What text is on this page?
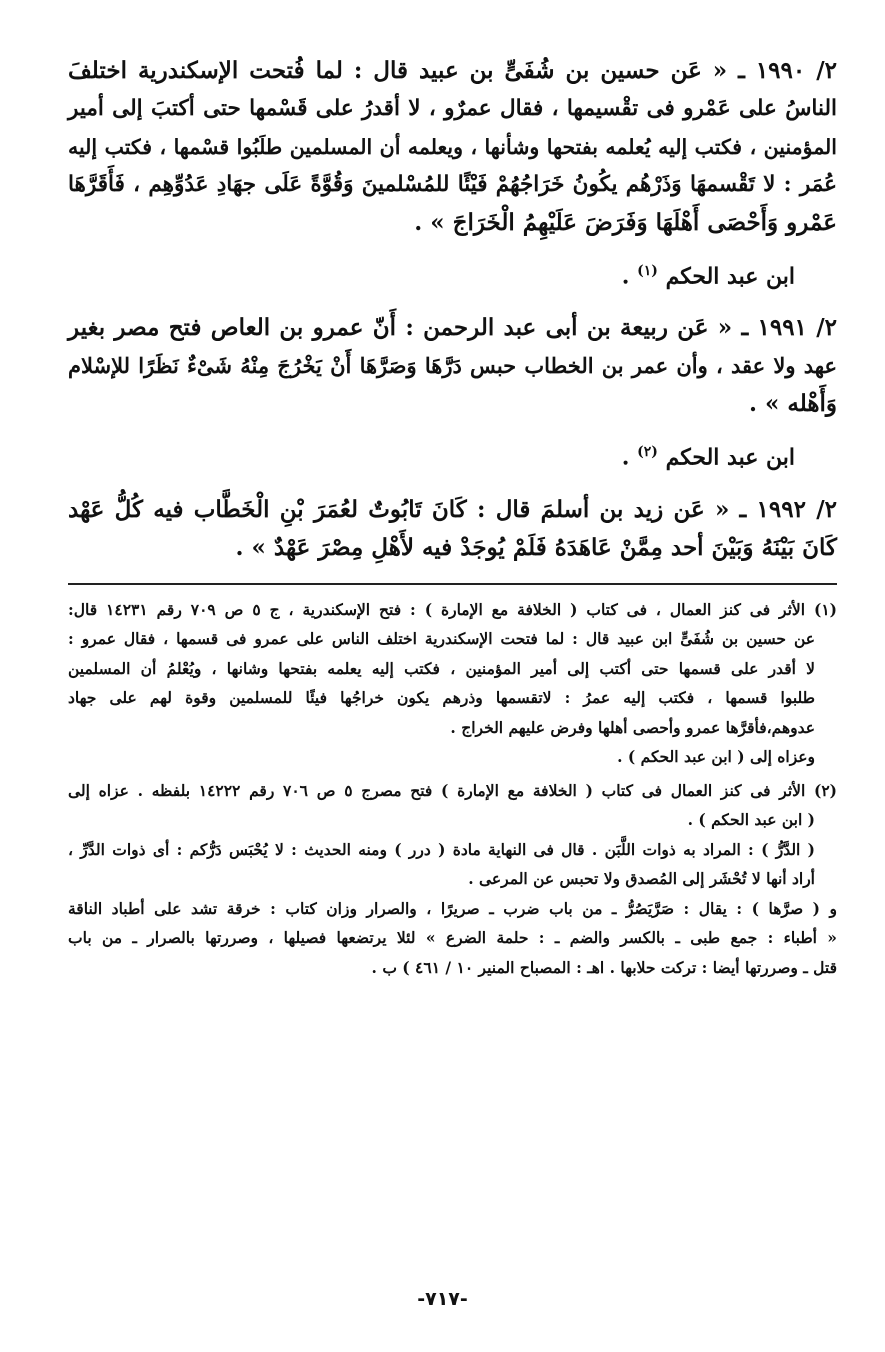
٢/ ١٩٩٠ ـ « عَن حسين بن شُفَىٍّ بن عبيد قال : لما فُتحت الإسكندرية اختلفَ
الناسُ على عَمْرو فى تقْسيمها ، فقال عمرٌو ، لا أقدرُ على قَسْمها حتى أكتبَ إلى أمير
المؤمنين ، فكتب إليه يُعلمه بفتحها وشأنها ، ويعلمه أن المسلمين طلَبُوا قسْمها ، فكتب إليه
عُمَر : لا تَقْسمهَا وَذَرْهُم يكُونُ خَرَاجُهُمْ فَيْئًا للمُسْلمينَ وَقُوَّةً عَلَى جهَادِ عَدُوِّهِم ، فَأَقَرَّهَا
عَمْرو وَأَحْصَى أَهْلَهَا وَفَرَضَ عَلَيْهِمُ الْخَرَاجَ » .
ابن عبد الحكم $^{(١)}$ .
٢/ ١٩٩١ ـ « عَن ربيعة بن أبى عبد الرحمن : أَنّ عمرو بن العاص فتح مصر بغير
عهد ولا عقد ، وأن عمر بن الخطاب حبس دَرَّهَا وَصَرَّهَا أَنْ يَخْرُجَ مِنْهُ شَىْءٌ نَظَرًا للإسْلام
وَأَهْله » .
ابن عبد الحكم $^{(٢)}$ .
٢/ ١٩٩٢ ـ « عَن زيد بن أسلمَ قال : كَانَ تَابُوتٌ لعُمَرَ بْنِ الْخَطَّاب فيه كُلُّ عَهْد
كَانَ بَيْنَهُ وَبَيْنَ أحد مِمَّنْ عَاهَدَهُ فَلَمْ يُوجَدْ فيه لأَهْلِ مِصْرَ عَهْدٌ » .
(١) الأثر فى كنز العمال ، فى كتاب ( الخلافة مع الإمارة ) : فتح الإسكندرية ، ج ٥ ص ٧٠٩ رقم ١٤٢٣١ قال:
عن حسين بن شُفَىٍّ ابن عبيد قال : لما فتحت الإسكندرية اختلف الناس على عمرو فى قسمها ، فقال عمرو :
لا أقدر على قسمها حتى أكتب إلى أمير المؤمنين ، فكتب إليه يعلمه بفتحها وشانها ، ويُعْلمُ أن المسلمين
طلبوا قسمها ، فكتب إليه عمرُ : لاتقسمها وذرهم يكون خراجُها فيئًا للمسلمين وقوة لهم على جهاد
عدوهم،فأقرَّها عمرو وأحصى أهلها وفرض عليهم الخراج .
وعزاه إلى ( ابن عبد الحكم ) .
(٢) الأثر فى كنز العمال فى كتاب ( الخلافة مع الإمارة ) فتح مصرج ٥ ص ٧٠٦ رقم ١٤٢٢٢ بلفظه . عزاه إلى
( ابن عبد الحكم ) .
( الدَّرُّ ) : المراد به ذوات اللَّبَن . قال فى النهاية مادة ( درر ) ومنه الحديث : لا يُحْبَس دَرُّكم : أى ذوات الدَّرِّ ،
أراد أنها لا تُحْشَر إلى المُصدق ولا تحبس عن المرعى .
و ( صرَّها ) : يقال : صَرَّيَصُرُّ ـ من باب ضرب ـ صريرًا ، والصرار وزان كتاب : خرقة تشد على أطباد الناقة
« أطباء : جمع طبى ـ بالكسر والضم ـ : حلمة الضرع » لئلا يرتضعها فصيلها ، وصررتها بالصرار ـ من باب
قتل ـ وصررتها أيضا : تركت حلابها . اهـ : المصباح المنير ١٠ / ٤٦١ ) ب .
-٧١٧-
